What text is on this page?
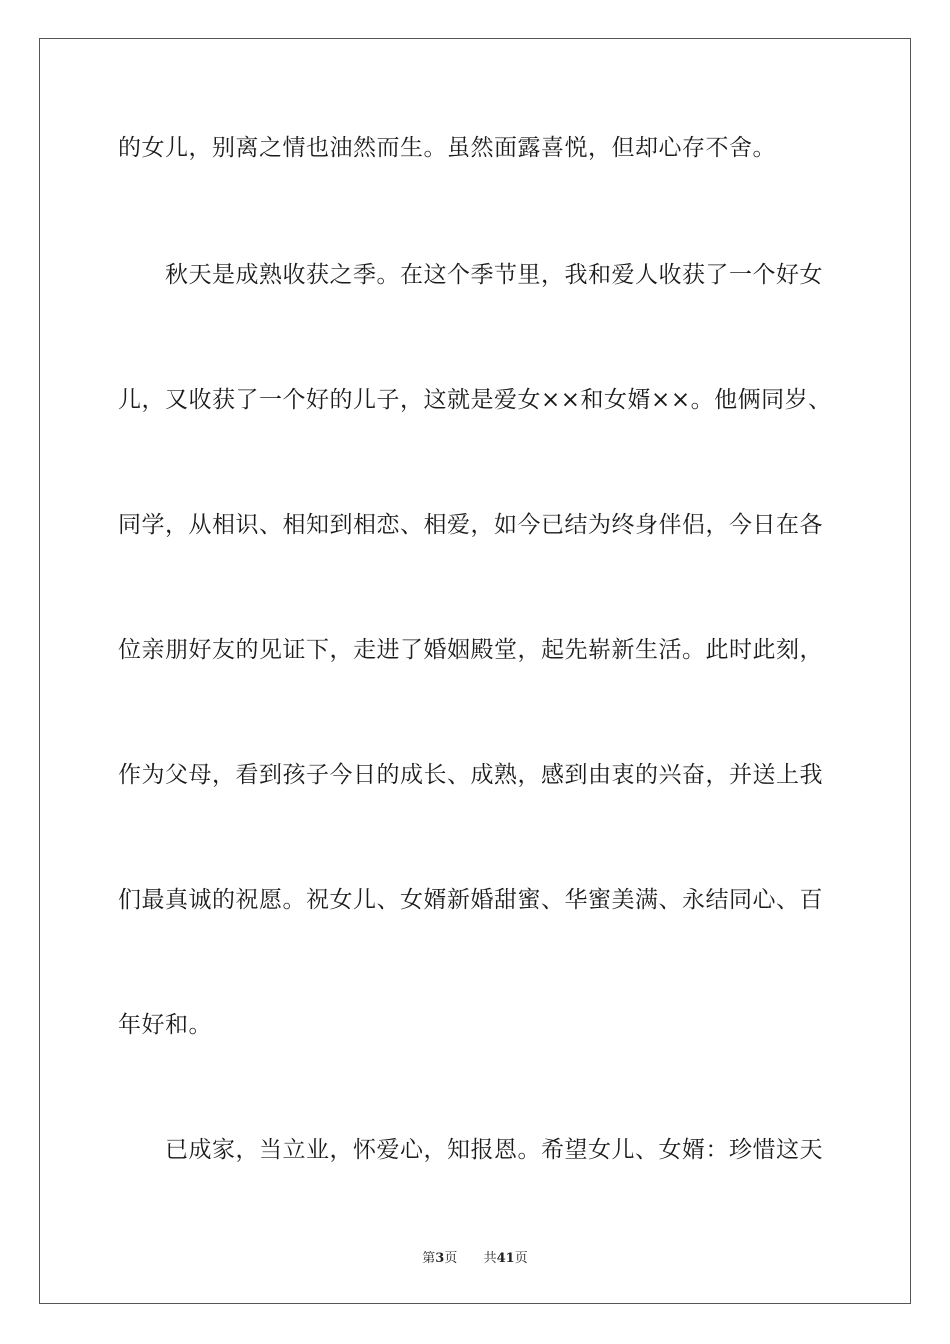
的女儿，别离之情也油然而生。虽然面露喜悦，但却心存不舍。
秋天是成熟收获之季。在这个季节里，我和爱人收获了一个好女
儿，又收获了一个好的儿子，这就是爱女××和女婿××。他俩同岁、
同学，从相识、相知到相恋、相爱，如今已结为终身伴侣，今日在各
位亲朋好友的见证下，走进了婚姻殿堂，起先崭新生活。此时此刻，
作为父母，看到孩子今日的成长、成熟，感到由衷的兴奋，并送上我
们最真诚的祝愿。祝女儿、女婿新婚甜蜜、华蜜美满、永结同心、百
年好和。
已成家，当立业，怀爱心，知报恩。希望女儿、女婿：珍惜这天
第3页 共41页
